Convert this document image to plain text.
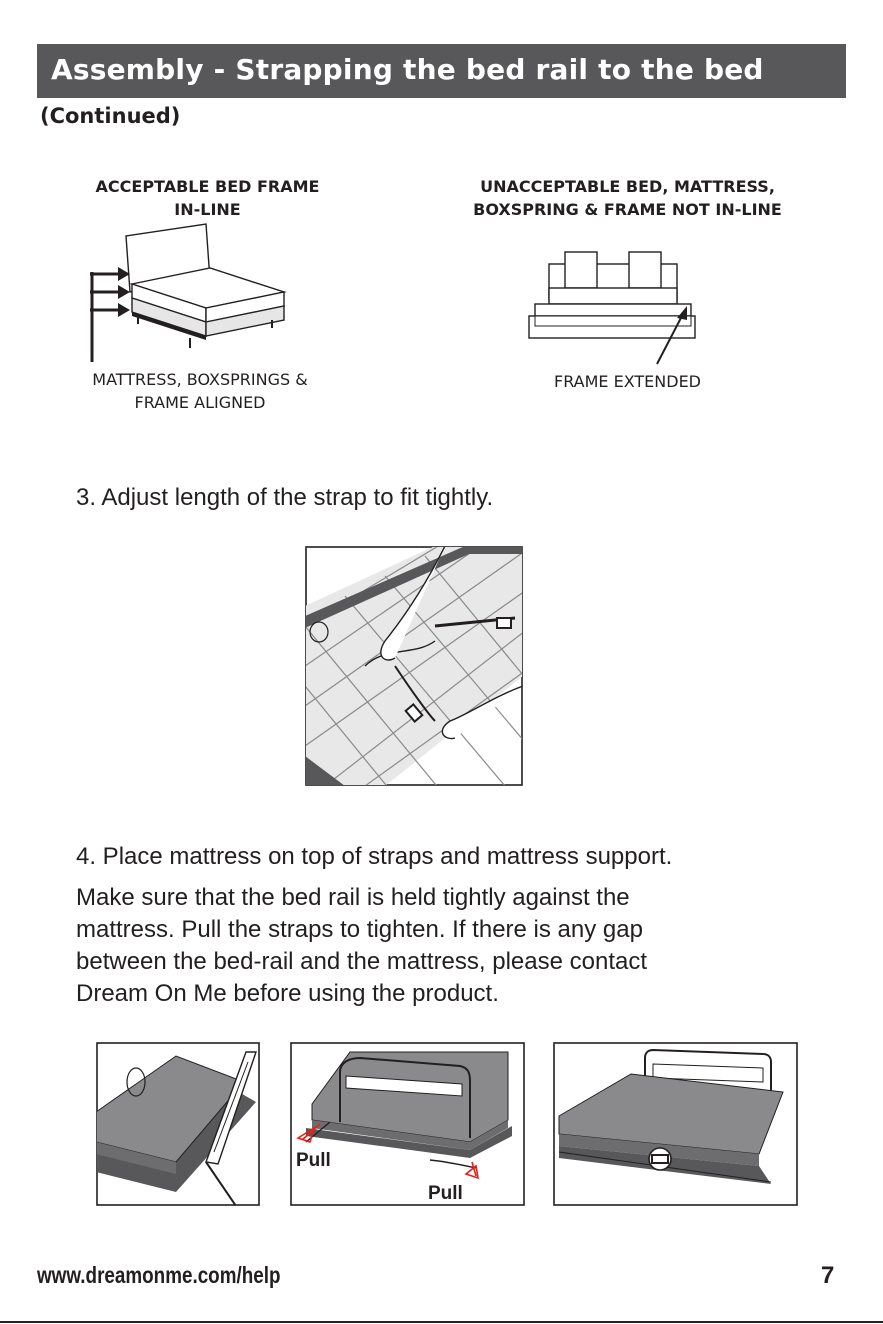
Assembly - Strapping the bed rail to the bed
(Continued)
ACCEPTABLE BED FRAME
IN-LINE
MATTRESS, BOXSPRINGS &
FRAME ALIGNED
UNACCEPTABLE BED, MATTRESS,
BOXSPRING & FRAME NOT IN-LINE
FRAME EXTENDED
3. Adjust length of the strap to fit tightly.
4. Place mattress on top of straps and mattress support.
Make sure that the bed rail is held tightly against the
mattress. Pull the straps to tighten. If there is any gap
between the bed-rail and the mattress, please contact
Dream On Me before using the product.
Pull
Pull
www.dreamonme.com/help	7
